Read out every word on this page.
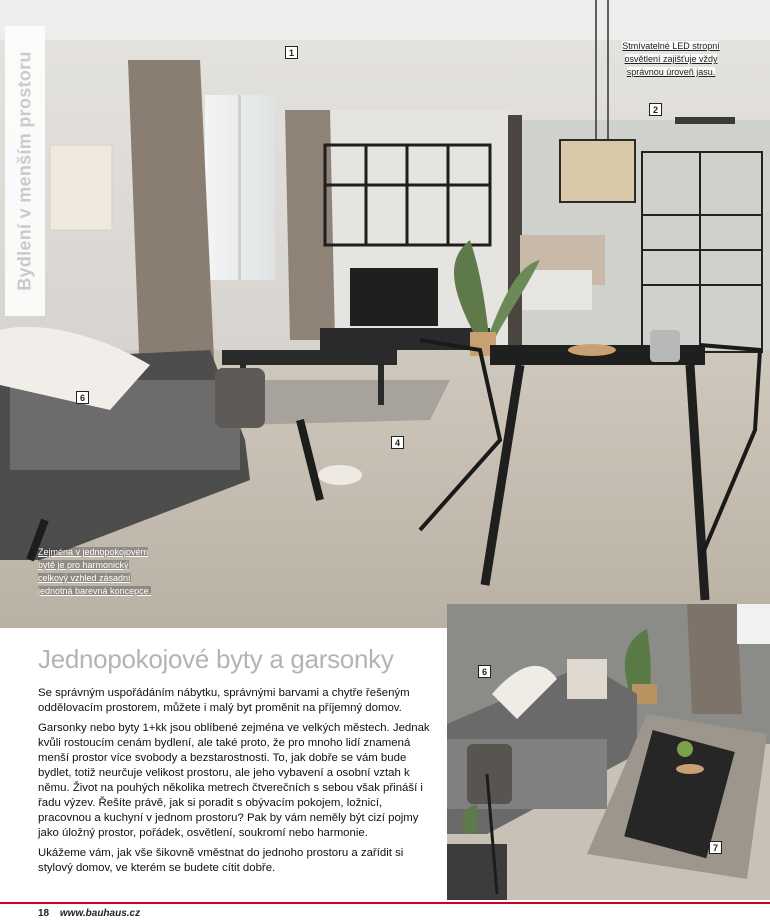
Bydlení v menším prostoru	1
2
4
6
Stmívatelné LED stropní
osvětlení zajišťuje vždy
správnou úroveň jasu.
Zejména v jednopokojovém
bytě je pro harmonický
celkový vzhled zásadní
jednotná barevná koncepce.
6
7
Jednopokojové byty a garsonky

Se správným uspořádáním nábytku, správnými barvami a chytře řešeným oddělovacím prostorem, můžete i malý byt proměnit na příjemný domov.

Garsonky nebo byty 1+kk jsou oblíbené zejména ve velkých městech. Jednak kvůli rostoucím cenám bydlení, ale také proto, že pro mnoho lidí znamená menší prostor více svobody a bezstarostnosti. To, jak dobře se vám bude bydlet, totiž neurčuje velikost prostoru, ale jeho vybavení a osobní vztah k němu. Život na pouhých několika metrech čtverečních s sebou však přináší i řadu výzev. Řešíte právě, jak si poradit s obývacím pokojem, ložnicí, pracovnou a kuchyní v jednom prostoru? Pak by vám neměly být cizí pojmy jako úložný prostor, pořádek, osvětlení, soukromí nebo harmonie.

Ukážeme vám, jak vše šikovně vměstnat do jednoho prostoru a zařídit si stylový domov, ve kterém se budete cítit dobře.

18 www.bauhaus.cz
